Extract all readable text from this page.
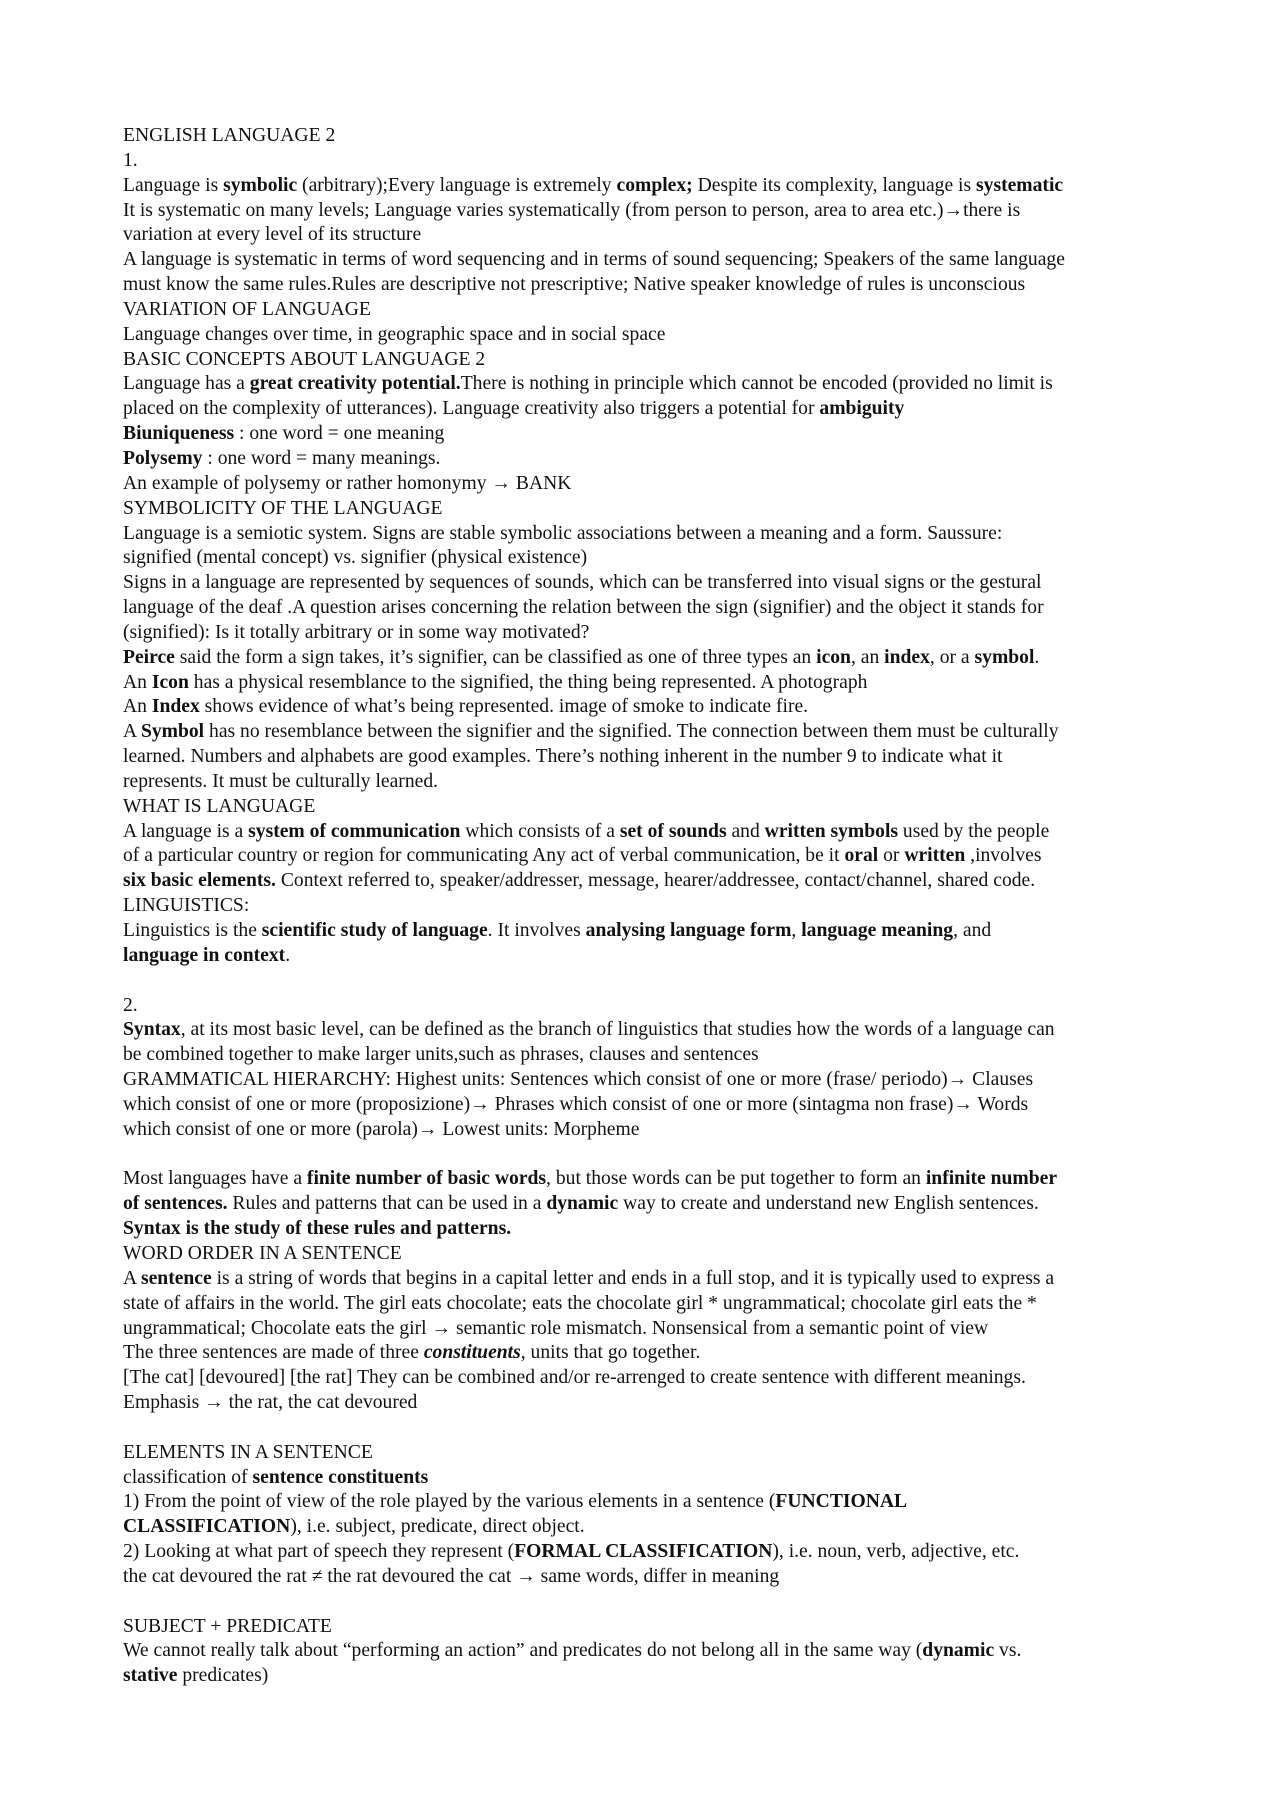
ENGLISH LANGUAGE 2
1.
Language is symbolic (arbitrary);Every language is extremely complex; Despite its complexity, language is systematic
It is systematic on many levels; Language varies systematically (from person to person, area to area etc.)→there is
variation at every level of its structure
A language is systematic in terms of word sequencing and in terms of sound sequencing; Speakers of the same language
must know the same rules.Rules are descriptive not prescriptive; Native speaker knowledge of rules is unconscious
VARIATION OF LANGUAGE
Language changes over time, in geographic space and in social space
BASIC CONCEPTS ABOUT LANGUAGE 2
Language has a great creativity potential.There is nothing in principle which cannot be encoded (provided no limit is
placed on the complexity of utterances). Language creativity also triggers a potential for ambiguity
Biuniqueness : one word = one meaning
Polysemy : one word = many meanings.
An example of polysemy or rather homonymy → BANK
SYMBOLICITY OF THE LANGUAGE
Language is a semiotic system. Signs are stable symbolic associations between a meaning and a form. Saussure:
signified (mental concept) vs. signifier (physical existence)
Signs in a language are represented by sequences of sounds, which can be transferred into visual signs or the gestural
language of the deaf .A question arises concerning the relation between the sign (signifier) and the object it stands for
(signified): Is it totally arbitrary or in some way motivated?
Peirce said the form a sign takes, it’s signifier, can be classified as one of three types an icon, an index, or a symbol.
An Icon has a physical resemblance to the signified, the thing being represented. A photograph
An Index shows evidence of what’s being represented. image of smoke to indicate fire.
A Symbol has no resemblance between the signifier and the signified. The connection between them must be culturally
learned. Numbers and alphabets are good examples. There’s nothing inherent in the number 9 to indicate what it
represents. It must be culturally learned.
WHAT IS LANGUAGE
A language is a system of communication which consists of a set of sounds and written symbols used by the people
of a particular country or region for communicating Any act of verbal communication, be it oral or written ,involves
six basic elements. Context referred to, speaker/addresser, message, hearer/addressee, contact/channel, shared code.
LINGUISTICS:
Linguistics is the scientific study of language. It involves analysing language form, language meaning, and
language in context.
2.
Syntax, at its most basic level, can be defined as the branch of linguistics that studies how the words of a language can
be combined together to make larger units,such as phrases, clauses and sentences
GRAMMATICAL HIERARCHY: Highest units: Sentences which consist of one or more (frase/ periodo)→ Clauses
which consist of one or more (proposizione)→ Phrases which consist of one or more (sintagma non frase)→ Words
which consist of one or more (parola)→ Lowest units: Morpheme
Most languages have a finite number of basic words, but those words can be put together to form an infinite number
of sentences. Rules and patterns that can be used in a dynamic way to create and understand new English sentences.
Syntax is the study of these rules and patterns.
WORD ORDER IN A SENTENCE
A sentence is a string of words that begins in a capital letter and ends in a full stop, and it is typically used to express a
state of affairs in the world. The girl eats chocolate; eats the chocolate girl * ungrammatical; chocolate girl eats the *
ungrammatical; Chocolate eats the girl → semantic role mismatch. Nonsensical from a semantic point of view
The three sentences are made of three constituents, units that go together.
[The cat] [devoured] [the rat] They can be combined and/or re-arrenged to create sentence with different meanings.
Emphasis → the rat, the cat devoured
ELEMENTS IN A SENTENCE
classification of sentence constituents
1) From the point of view of the role played by the various elements in a sentence (FUNCTIONAL
CLASSIFICATION), i.e. subject, predicate, direct object.
2) Looking at what part of speech they represent (FORMAL CLASSIFICATION), i.e. noun, verb, adjective, etc.
the cat devoured the rat ≠ the rat devoured the cat → same words, differ in meaning
SUBJECT + PREDICATE
We cannot really talk about “performing an action” and predicates do not belong all in the same way (dynamic vs.
stative predicates)
